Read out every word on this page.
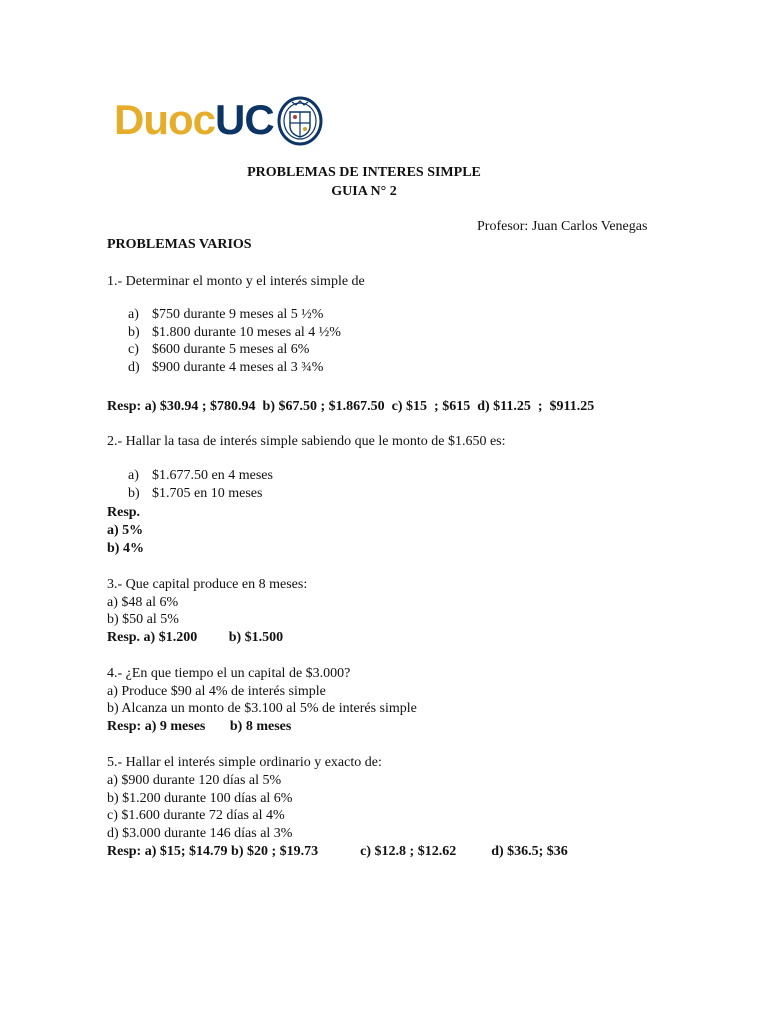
Duoc UC
PROBLEMAS DE INTERES SIMPLE
GUIA N° 2
Profesor: Juan Carlos Venegas
PROBLEMAS VARIOS
1.- Determinar el monto y el interés simple de
a) $750 durante 9 meses al 5 ½%
b) $1.800 durante 10 meses al 4 ½%
c) $600 durante 5 meses al 6%
d) $900 durante 4 meses al 3 ¾%
Resp: a) $30.94 ; $780.94  b) $67.50 ; $1.867.50  c) $15  ; $615  d) $11.25  ;  $911.25
2.- Hallar la tasa de interés simple sabiendo que le monto de $1.650 es:
a) $1.677.50 en 4 meses
b) $1.705 en 10 meses
Resp.
a) 5%
b) 4%
3.- Que capital produce en 8 meses:
a) $48 al 6%
b) $50 al 5%
Resp. a) $1.200         b) $1.500
4.- ¿En que tiempo el un capital de $3.000?
a) Produce $90 al 4% de interés simple
b) Alcanza un monto de $3.100 al 5% de interés simple
Resp: a) 9 meses       b) 8 meses
5.- Hallar el interés simple ordinario y exacto de:
a) $900 durante 120 días al 5%
b) $1.200 durante 100 días al 6%
c) $1.600 durante 72 días al 4%
d) $3.000 durante 146 días al 3%
Resp: a) $15; $14.79 b) $20 ; $19.73            c) $12.8 ; $12.62          d) $36.5; $36
